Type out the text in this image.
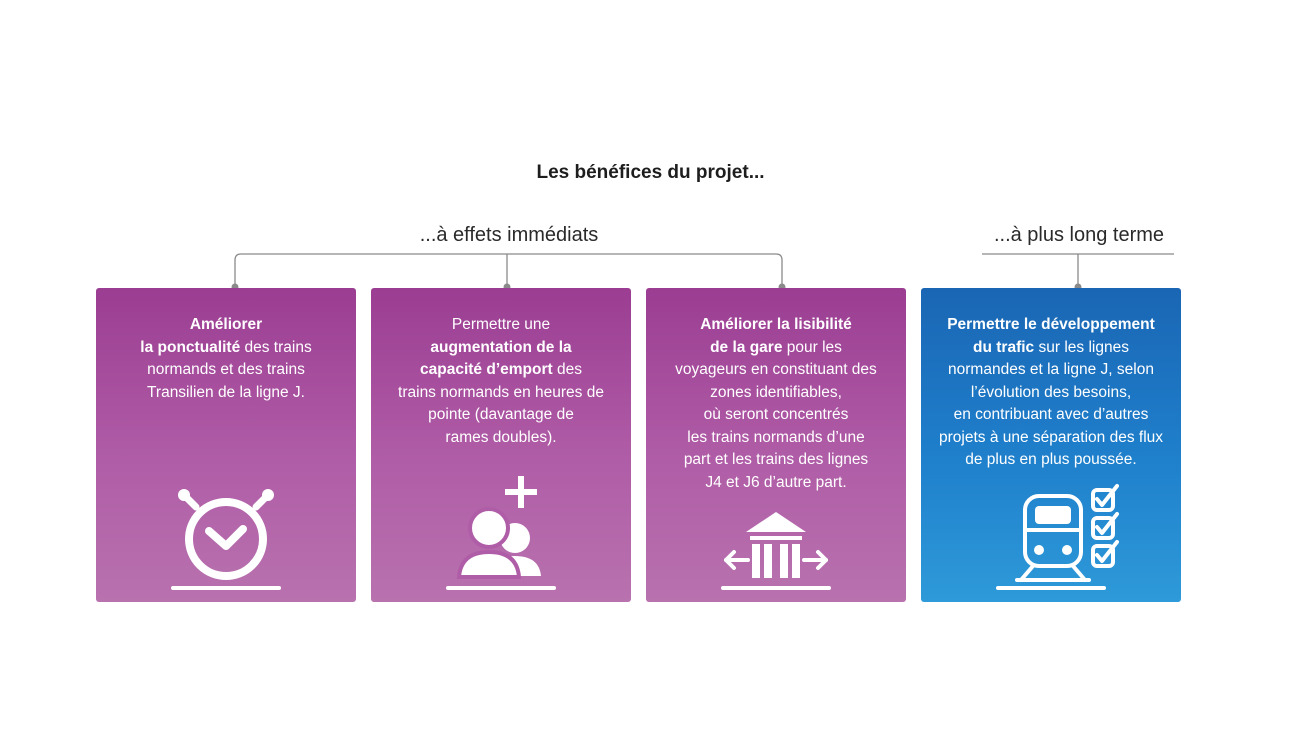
Les bénéfices du projet...
...à effets immédiats	...à plus long terme
Améliorer
la ponctualité des trains
normands et des trains
Transilien de la ligne J.
Permettre une
augmentation de la
capacité d’emport des
trains normands en heures de
pointe (davantage de
rames doubles).
Améliorer la lisibilité
de la gare pour les
voyageurs en constituant des
zones identifiables,
où seront concentrés
les trains normands d’une
part et les trains des lignes
J4 et J6 d’autre part.
Permettre le développement
du trafic sur les lignes
normandes et la ligne J, selon
l’évolution des besoins,
en contribuant avec d’autres
projets à une séparation des flux
de plus en plus poussée.
